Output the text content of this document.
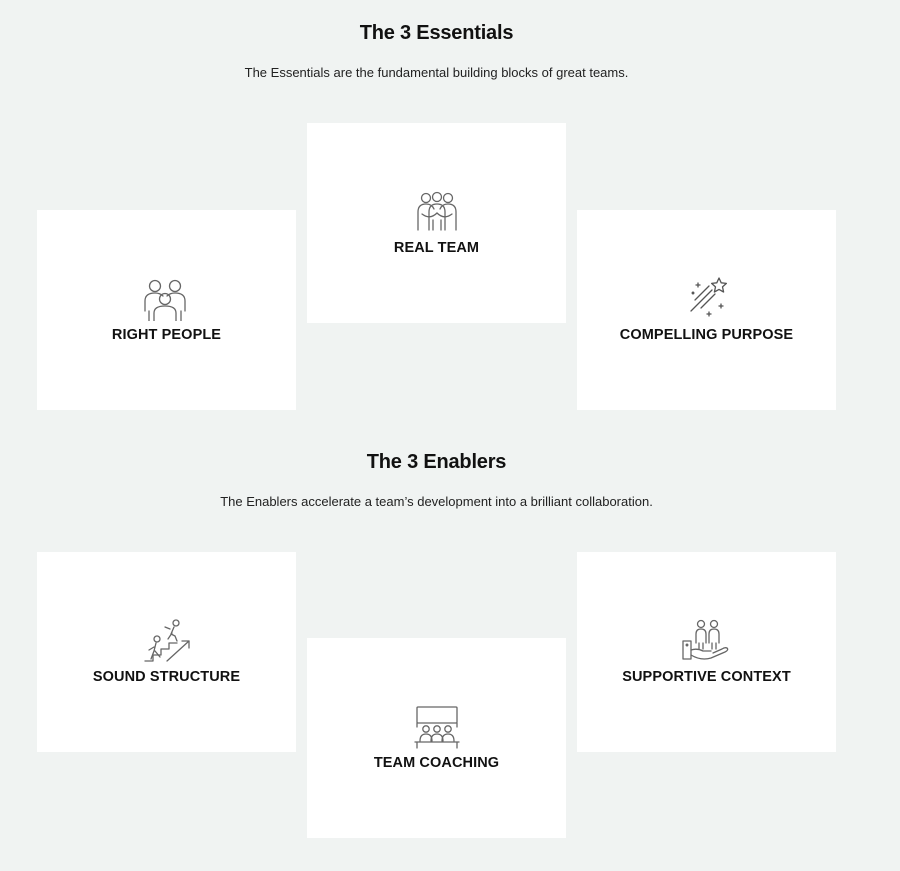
The 3 Essentials

The Essentials are the fundamental building blocks of great teams.

RIGHT PEOPLE
REAL TEAM
COMPELLING PURPOSE
The 3 Enablers

The Enablers accelerate a team’s development into a brilliant collaboration.

SOUND STRUCTURE
TEAM COACHING
SUPPORTIVE CONTEXT
